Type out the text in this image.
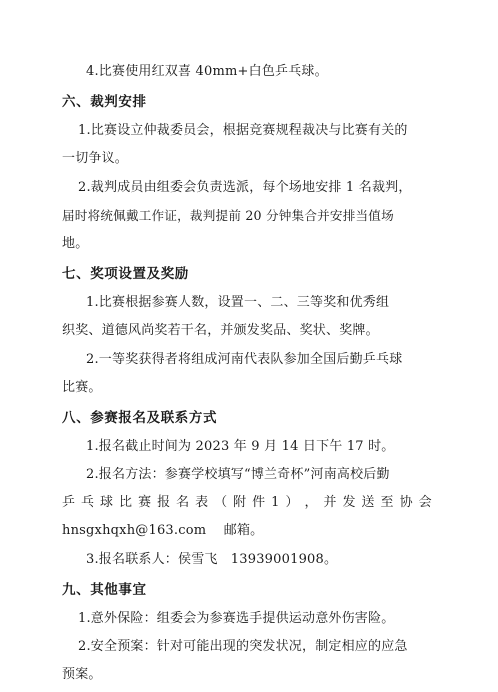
4.比赛使用红双喜 40mm+白色乒乓球。
六、裁判安排
1.比赛设立仲裁委员会，根据竞赛规程裁决与比赛有关的
一切争议。
2.裁判成员由组委会负责选派，每个场地安排 1 名裁判，
届时将统佩戴工作证，裁判提前 20 分钟集合并安排当值场
地。
七、奖项设置及奖励
1.比赛根据参赛人数，设置一、二、三等奖和优秀组
织奖、道德风尚奖若干名，并颁发奖品、奖状、奖牌。
2.一等奖获得者将组成河南代表队参加全国后勤乒乓球
比赛。
八、参赛报名及联系方式
1.报名截止时间为 2023 年 9 月 14 日下午 17 时。
2.报名方法：参赛学校填写“博兰奇杯”河南高校后勤
乒 乓 球 比 赛 报 名 表 （ 附 件 1 ） ， 并 发 送 至 协 会
hnsgxhqxh@163.com　 邮箱。
3.报名联系人：侯雪飞　13939001908。
九、其他事宜
1.意外保险：组委会为参赛选手提供运动意外伤害险。
2.安全预案：针对可能出现的突发状况，制定相应的应急
预案。
